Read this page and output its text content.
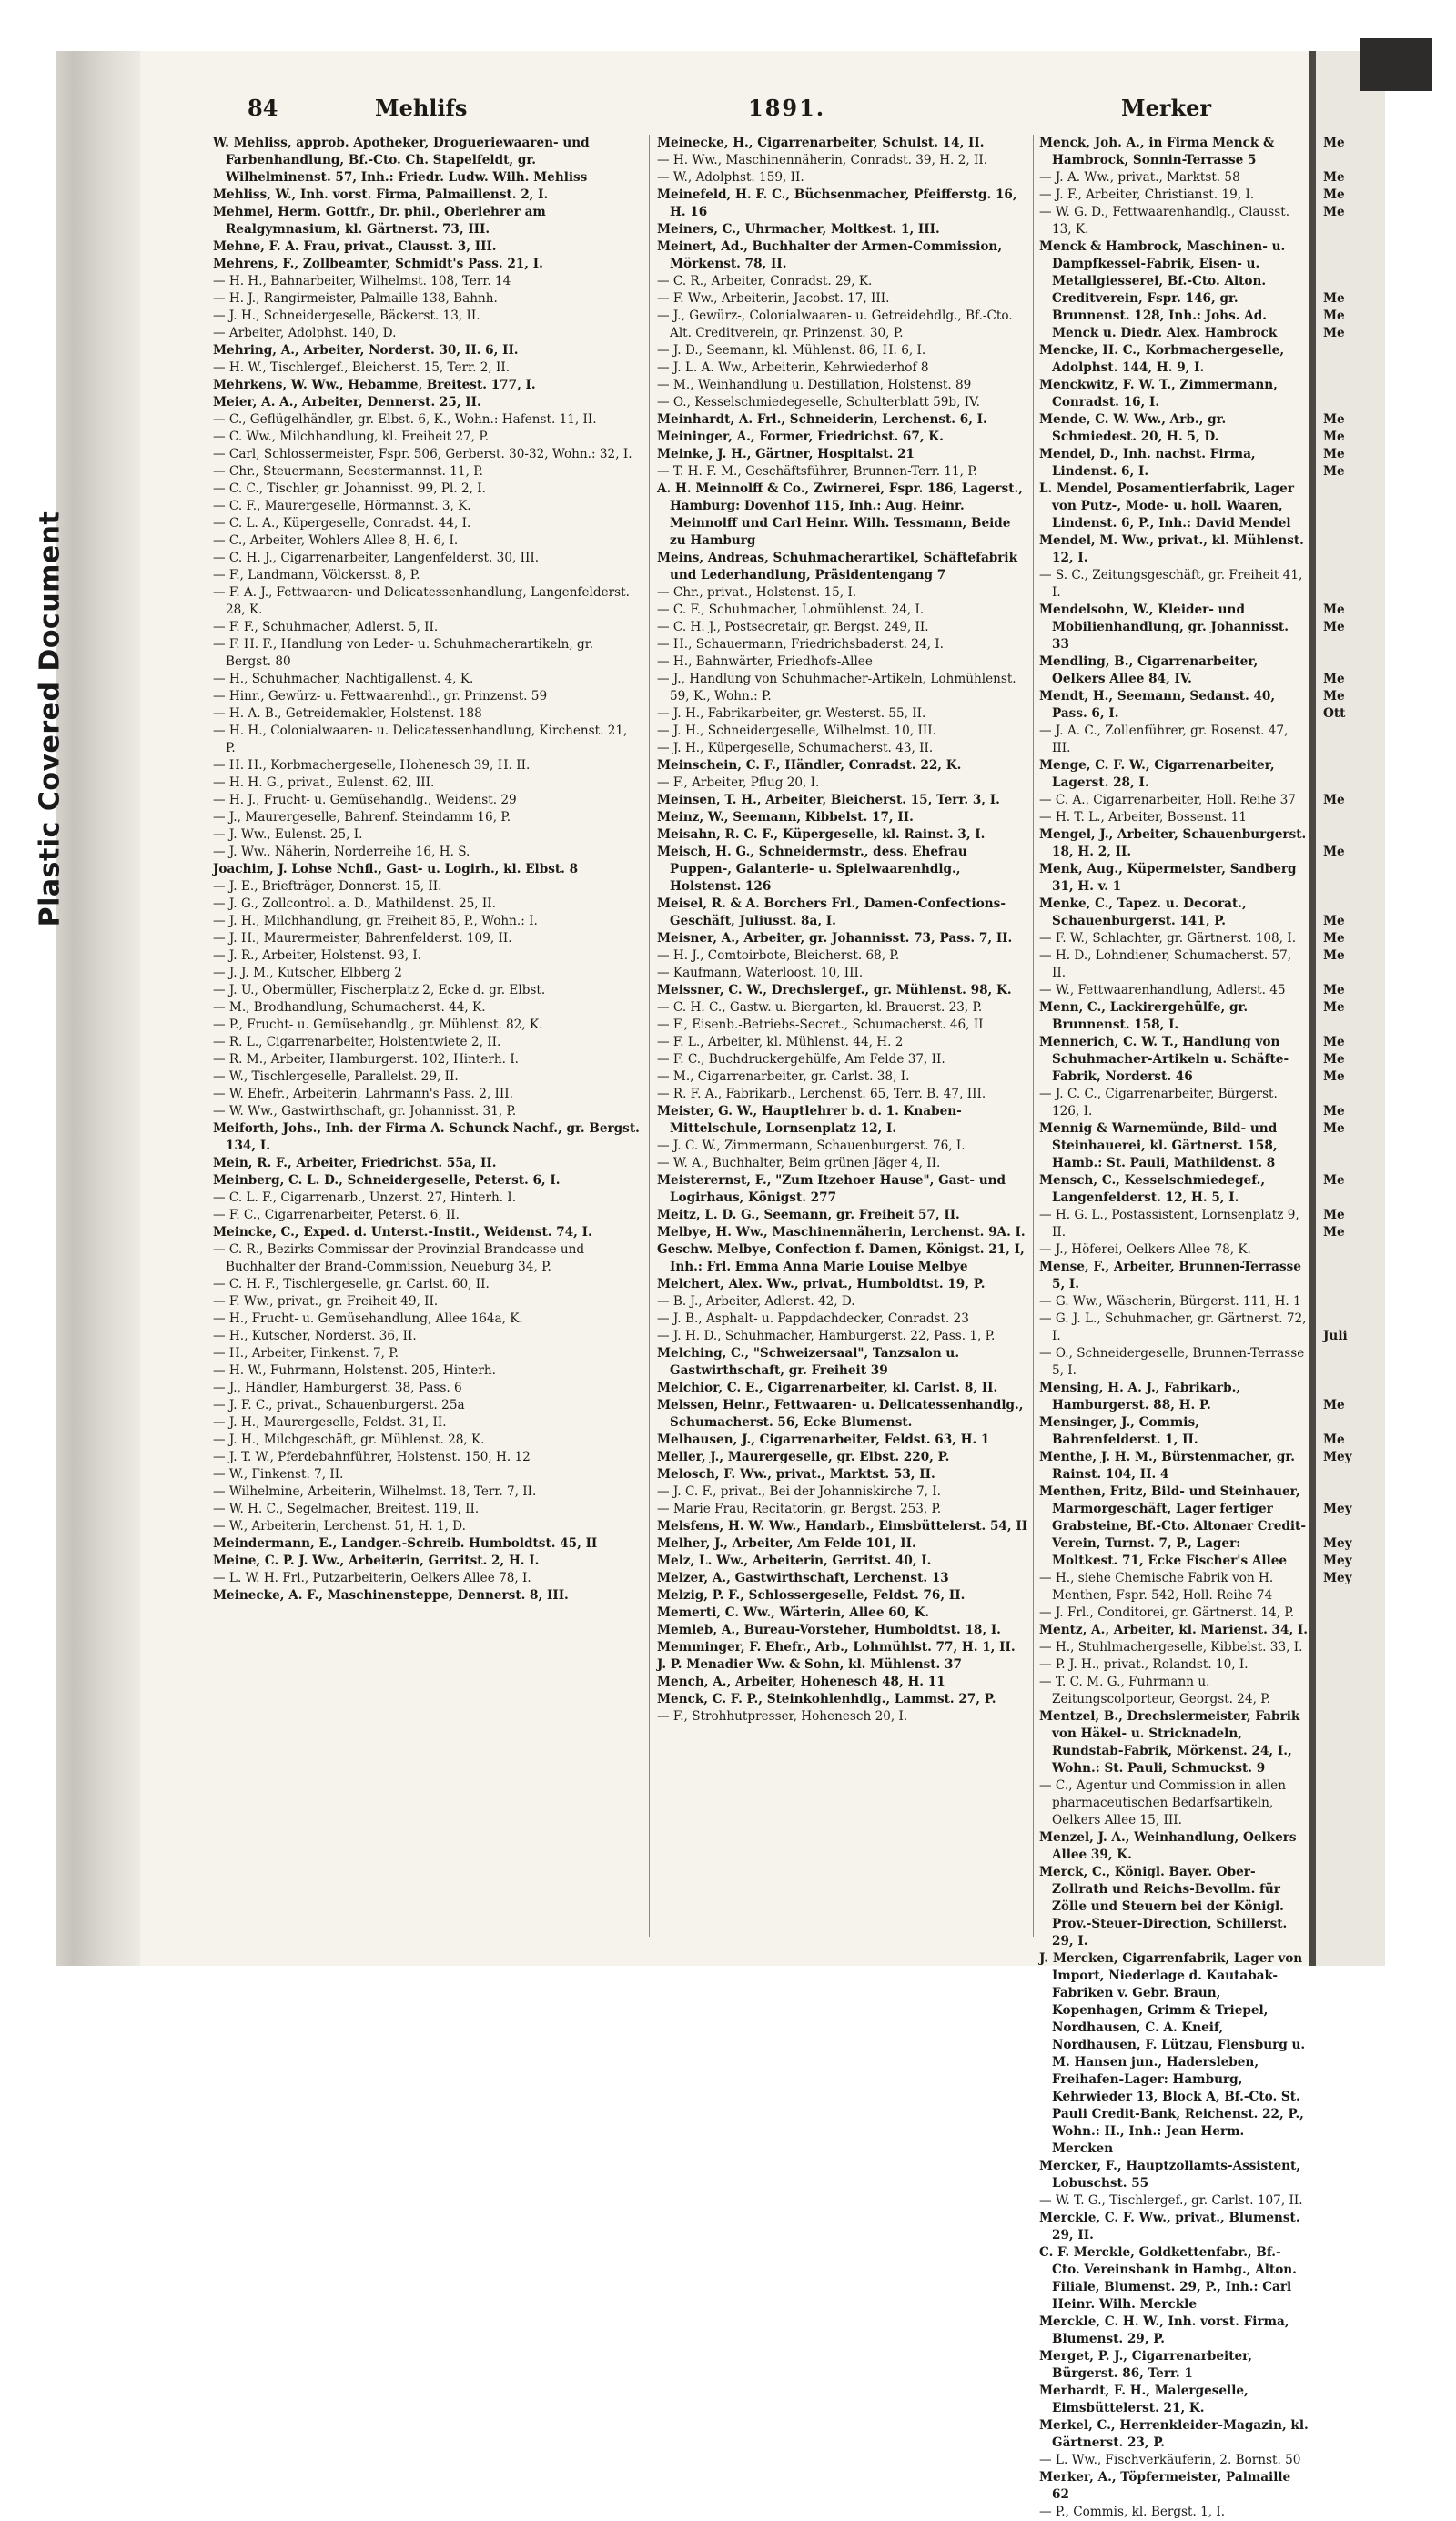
84	Mehlifs	1891.	Merker
W. Mehliss, approb. Apotheker, Drogueriewaaren- und Farbenhandlung, Bf.-Cto. Ch. Stapelfeldt, gr. Wilhelminenst. 57, Inh.: Friedr. Ludw. Wilh. Mehliss
Mehliss, W., Inh. vorst. Firma, Palmaillenst. 2, I.
Mehmel, Herm. Gottfr., Dr. phil., Oberlehrer am Realgymnasium, kl. Gärtnerst. 73, III.
Mehne, F. A. Frau, privat., Clausst. 3, III.
Mehrens, F., Zollbeamter, Schmidt's Pass. 21, I.
— H. H., Bahnarbeiter, Wilhelmst. 108, Terr. 14
— H. J., Rangirmeister, Palmaille 138, Bahnh.
— J. H., Schneidergeselle, Bäckerst. 13, II.
— Arbeiter, Adolphst. 140, D.
Mehring, A., Arbeiter, Norderst. 30, H. 6, II.
— H. W., Tischlergef., Bleicherst. 15, Terr. 2, II.
Mehrkens, W. Ww., Hebamme, Breitest. 177, I.
Meier, A. A., Arbeiter, Dennerst. 25, II.
— C., Geflügelhändler, gr. Elbst. 6, K., Wohn.: Hafenst. 11, II.
— C. Ww., Milchhandlung, kl. Freiheit 27, P.
— Carl, Schlossermeister, Fspr. 506, Gerberst. 30-32, Wohn.: 32, I.
— Chr., Steuermann, Seestermannst. 11, P.
— C. C., Tischler, gr. Johannisst. 99, Pl. 2, I.
— C. F., Maurergeselle, Hörmannst. 3, K.
— C. L. A., Küpergeselle, Conradst. 44, I.
— C., Arbeiter, Wohlers Allee 8, H. 6, I.
— C. H. J., Cigarrenarbeiter, Langenfelderst. 30, III.
— F., Landmann, Völckersst. 8, P.
— F. A. J., Fettwaaren- und Delicatessenhandlung, Langenfelderst. 28, K.
— F. F., Schuhmacher, Adlerst. 5, II.
— F. H. F., Handlung von Leder- u. Schuhmacherartikeln, gr. Bergst. 80
— H., Schuhmacher, Nachtigallenst. 4, K.
— Hinr., Gewürz- u. Fettwaarenhdl., gr. Prinzenst. 59
— H. A. B., Getreidemakler, Holstenst. 188
— H. H., Colonialwaaren- u. Delicatessenhandlung, Kirchenst. 21, P.
— H. H., Korbmachergeselle, Hohenesch 39, H. II.
— H. H. G., privat., Eulenst. 62, III.
— H. J., Frucht- u. Gemüsehandlg., Weidenst. 29
— J., Maurergeselle, Bahrenf. Steindamm 16, P.
— J. Ww., Eulenst. 25, I.
— J. Ww., Näherin, Norderreihe 16, H. S.
Joachim, J. Lohse Nchfl., Gast- u. Logirh., kl. Elbst. 8
— J. E., Briefträger, Donnerst. 15, II.
— J. G., Zollcontrol. a. D., Mathildenst. 25, II.
— J. H., Milchhandlung, gr. Freiheit 85, P., Wohn.: I.
— J. H., Maurermeister, Bahrenfelderst. 109, II.
— J. R., Arbeiter, Holstenst. 93, I.
— J. J. M., Kutscher, Elbberg 2
— J. U., Obermüller, Fischerplatz 2, Ecke d. gr. Elbst.
— M., Brodhandlung, Schumacherst. 44, K.
— P., Frucht- u. Gemüsehandlg., gr. Mühlenst. 82, K.
— R. L., Cigarrenarbeiter, Holstentwiete 2, II.
— R. M., Arbeiter, Hamburgerst. 102, Hinterh. I.
— W., Tischlergeselle, Parallelst. 29, II.
— W. Ehefr., Arbeiterin, Lahrmann's Pass. 2, III.
— W. Ww., Gastwirthschaft, gr. Johannisst. 31, P.
Meiforth, Johs., Inh. der Firma A. Schunck Nachf., gr. Bergst. 134, I.
Mein, R. F., Arbeiter, Friedrichst. 55a, II.
Meinberg, C. L. D., Schneidergeselle, Peterst. 6, I.
— C. L. F., Cigarrenarb., Unzerst. 27, Hinterh. I.
— F. C., Cigarrenarbeiter, Peterst. 6, II.
Meincke, C., Exped. d. Unterst.-Instit., Weidenst. 74, I.
— C. R., Bezirks-Commissar der Provinzial-Brandcasse und Buchhalter der Brand-Commission, Neueburg 34, P.
— C. H. F., Tischlergeselle, gr. Carlst. 60, II.
— F. Ww., privat., gr. Freiheit 49, II.
— H., Frucht- u. Gemüsehandlung, Allee 164a, K.
— H., Kutscher, Norderst. 36, II.
— H., Arbeiter, Finkenst. 7, P.
— H. W., Fuhrmann, Holstenst. 205, Hinterh.
— J., Händler, Hamburgerst. 38, Pass. 6
— J. F. C., privat., Schauenburgerst. 25a
— J. H., Maurergeselle, Feldst. 31, II.
— J. H., Milchgeschäft, gr. Mühlenst. 28, K.
— J. T. W., Pferdebahnführer, Holstenst. 150, H. 12
— W., Finkenst. 7, II.
— Wilhelmine, Arbeiterin, Wilhelmst. 18, Terr. 7, II.
— W. H. C., Segelmacher, Breitest. 119, II.
— W., Arbeiterin, Lerchenst. 51, H. 1, D.
Meindermann, E., Landger.-Schreib. Humboldtst. 45, II
Meine, C. P. J. Ww., Arbeiterin, Gerritst. 2, H. I.
— L. W. H. Frl., Putzarbeiterin, Oelkers Allee 78, I.
Meinecke, A. F., Maschinensteppe, Dennerst. 8, III.
Meinecke, H., Cigarrenarbeiter, Schulst. 14, II.
— H. Ww., Maschinennäherin, Conradst. 39, H. 2, II.
— W., Adolphst. 159, II.
Meinefeld, H. F. C., Büchsenmacher, Pfeifferstg. 16, H. 16
Meiners, C., Uhrmacher, Moltkest. 1, III.
Meinert, Ad., Buchhalter der Armen-Commission, Mörkenst. 78, II.
— C. R., Arbeiter, Conradst. 29, K.
— F. Ww., Arbeiterin, Jacobst. 17, III.
— J., Gewürz-, Colonialwaaren- u. Getreidehdlg., Bf.-Cto. Alt. Creditverein, gr. Prinzenst. 30, P.
— J. D., Seemann, kl. Mühlenst. 86, H. 6, I.
— J. L. A. Ww., Arbeiterin, Kehrwiederhof 8
— M., Weinhandlung u. Destillation, Holstenst. 89
— O., Kesselschmiedegeselle, Schulterblatt 59b, IV.
Meinhardt, A. Frl., Schneiderin, Lerchenst. 6, I.
Meininger, A., Former, Friedrichst. 67, K.
Meinke, J. H., Gärtner, Hospitalst. 21
— T. H. F. M., Geschäftsführer, Brunnen-Terr. 11, P.
A. H. Meinnolff & Co., Zwirnerei, Fspr. 186, Lagerst., Hamburg: Dovenhof 115, Inh.: Aug. Heinr. Meinnolff und Carl Heinr. Wilh. Tessmann, Beide zu Hamburg
Meins, Andreas, Schuhmacherartikel, Schäftefabrik und Lederhandlung, Präsidentengang 7
— Chr., privat., Holstenst. 15, I.
— C. F., Schuhmacher, Lohmühlenst. 24, I.
— C. H. J., Postsecretair, gr. Bergst. 249, II.
— H., Schauermann, Friedrichsbaderst. 24, I.
— H., Bahnwärter, Friedhofs-Allee
— J., Handlung von Schuhmacher-Artikeln, Lohmühlenst. 59, K., Wohn.: P.
— J. H., Fabrikarbeiter, gr. Westerst. 55, II.
— J. H., Schneidergeselle, Wilhelmst. 10, III.
— J. H., Küpergeselle, Schumacherst. 43, II.
Meinschein, C. F., Händler, Conradst. 22, K.
— F., Arbeiter, Pflug 20, I.
Meinsen, T. H., Arbeiter, Bleicherst. 15, Terr. 3, I.
Meinz, W., Seemann, Kibbelst. 17, II.
Meisahn, R. C. F., Küpergeselle, kl. Rainst. 3, I.
Meisch, H. G., Schneidermstr., dess. Ehefrau Puppen-, Galanterie- u. Spielwaarenhdlg., Holstenst. 126
Meisel, R. & A. Borchers Frl., Damen-Confections-Geschäft, Juliusst. 8a, I.
Meisner, A., Arbeiter, gr. Johannisst. 73, Pass. 7, II.
— H. J., Comtoirbote, Bleicherst. 68, P.
— Kaufmann, Waterloost. 10, III.
Meissner, C. W., Drechslergef., gr. Mühlenst. 98, K.
— C. H. C., Gastw. u. Biergarten, kl. Brauerst. 23, P.
— F., Eisenb.-Betriebs-Secret., Schumacherst. 46, II
— F. L., Arbeiter, kl. Mühlenst. 44, H. 2
— F. C., Buchdruckergehülfe, Am Felde 37, II.
— M., Cigarrenarbeiter, gr. Carlst. 38, I.
— R. F. A., Fabrikarb., Lerchenst. 65, Terr. B. 47, III.
Meister, G. W., Hauptlehrer b. d. 1. Knaben-Mittelschule, Lornsenplatz 12, I.
— J. C. W., Zimmermann, Schauenburgerst. 76, I.
— W. A., Buchhalter, Beim grünen Jäger 4, II.
Meisterernst, F., "Zum Itzehoer Hause", Gast- und Logirhaus, Königst. 277
Meitz, L. D. G., Seemann, gr. Freiheit 57, II.
Melbye, H. Ww., Maschinennäherin, Lerchenst. 9A. I.
Geschw. Melbye, Confection f. Damen, Königst. 21, I, Inh.: Frl. Emma Anna Marie Louise Melbye
Melchert, Alex. Ww., privat., Humboldtst. 19, P.
— B. J., Arbeiter, Adlerst. 42, D.
— J. B., Asphalt- u. Pappdachdecker, Conradst. 23
— J. H. D., Schuhmacher, Hamburgerst. 22, Pass. 1, P.
Melching, C., "Schweizersaal", Tanzsalon u. Gastwirthschaft, gr. Freiheit 39
Melchior, C. E., Cigarrenarbeiter, kl. Carlst. 8, II.
Melssen, Heinr., Fettwaaren- u. Delicatessenhandlg., Schumacherst. 56, Ecke Blumenst.
Melhausen, J., Cigarrenarbeiter, Feldst. 63, H. 1
Meller, J., Maurergeselle, gr. Elbst. 220, P.
Melosch, F. Ww., privat., Marktst. 53, II.
— J. C. F., privat., Bei der Johanniskirche 7, I.
— Marie Frau, Recitatorin, gr. Bergst. 253, P.
Melsfens, H. W. Ww., Handarb., Eimsbüttelerst. 54, II
Melher, J., Arbeiter, Am Felde 101, II.
Melz, L. Ww., Arbeiterin, Gerritst. 40, I.
Melzer, A., Gastwirthschaft, Lerchenst. 13
Melzig, P. F., Schlossergeselle, Feldst. 76, II.
Memerti, C. Ww., Wärterin, Allee 60, K.
Memleb, A., Bureau-Vorsteher, Humboldtst. 18, I.
Memminger, F. Ehefr., Arb., Lohmühlst. 77, H. 1, II.
J. P. Menadier Ww. & Sohn, kl. Mühlenst. 37
Mench, A., Arbeiter, Hohenesch 48, H. 11
Menck, C. F. P., Steinkohlenhdlg., Lammst. 27, P.
— F., Strohhutpresser, Hohenesch 20, I.
Menck, Joh. A., in Firma Menck & Hambrock, Sonnin-Terrasse 5
— J. A. Ww., privat., Marktst. 58
— J. F., Arbeiter, Christianst. 19, I.
— W. G. D., Fettwaarenhandlg., Clausst. 13, K.
Menck & Hambrock, Maschinen- u. Dampfkessel-Fabrik, Eisen- u. Metallgiesserei, Bf.-Cto. Alton. Creditverein, Fspr. 146, gr. Brunnenst. 128, Inh.: Johs. Ad. Menck u. Diedr. Alex. Hambrock
Mencke, H. C., Korbmachergeselle, Adolphst. 144, H. 9, I.
Menckwitz, F. W. T., Zimmermann, Conradst. 16, I.
Mende, C. W. Ww., Arb., gr. Schmiedest. 20, H. 5, D.
Mendel, D., Inh. nachst. Firma, Lindenst. 6, I.
L. Mendel, Posamentierfabrik, Lager von Putz-, Mode- u. holl. Waaren, Lindenst. 6, P., Inh.: David Mendel
Mendel, M. Ww., privat., kl. Mühlenst. 12, I.
— S. C., Zeitungsgeschäft, gr. Freiheit 41, I.
Mendelsohn, W., Kleider- und Mobilienhandlung, gr. Johannisst. 33
Mendling, B., Cigarrenarbeiter, Oelkers Allee 84, IV.
Mendt, H., Seemann, Sedanst. 40, Pass. 6, I.
— J. A. C., Zollenführer, gr. Rosenst. 47, III.
Menge, C. F. W., Cigarrenarbeiter, Lagerst. 28, I.
— C. A., Cigarrenarbeiter, Holl. Reihe 37
— H. T. L., Arbeiter, Bossenst. 11
Mengel, J., Arbeiter, Schauenburgerst. 18, H. 2, II.
Menk, Aug., Küpermeister, Sandberg 31, H. v. 1
Menke, C., Tapez. u. Decorat., Schauenburgerst. 141, P.
— F. W., Schlachter, gr. Gärtnerst. 108, I.
— H. D., Lohndiener, Schumacherst. 57, II.
— W., Fettwaarenhandlung, Adlerst. 45
Menn, C., Lackirergehülfe, gr. Brunnenst. 158, I.
Mennerich, C. W. T., Handlung von Schuhmacher-Artikeln u. Schäfte-Fabrik, Norderst. 46
— J. C. C., Cigarrenarbeiter, Bürgerst. 126, I.
Mennig & Warnemünde, Bild- und Steinhauerei, kl. Gärtnerst. 158, Hamb.: St. Pauli, Mathildenst. 8
Mensch, C., Kesselschmiedegef., Langenfelderst. 12, H. 5, I.
— H. G. L., Postassistent, Lornsenplatz 9, II.
— J., Höferei, Oelkers Allee 78, K.
Mense, F., Arbeiter, Brunnen-Terrasse 5, I.
— G. Ww., Wäscherin, Bürgerst. 111, H. 1
— G. J. L., Schuhmacher, gr. Gärtnerst. 72, I.
— O., Schneidergeselle, Brunnen-Terrasse 5, I.
Mensing, H. A. J., Fabrikarb., Hamburgerst. 88, H. P.
Mensinger, J., Commis, Bahrenfelderst. 1, II.
Menthe, J. H. M., Bürstenmacher, gr. Rainst. 104, H. 4
Menthen, Fritz, Bild- und Steinhauer, Marmorgeschäft, Lager fertiger Grabsteine, Bf.-Cto. Altonaer Credit-Verein, Turnst. 7, P., Lager: Moltkest. 71, Ecke Fischer's Allee
— H., siehe Chemische Fabrik von H. Menthen, Fspr. 542, Holl. Reihe 74
— J. Frl., Conditorei, gr. Gärtnerst. 14, P.
Mentz, A., Arbeiter, kl. Marienst. 34, I.
— H., Stuhlmachergeselle, Kibbelst. 33, I.
— P. J. H., privat., Rolandst. 10, I.
— T. C. M. G., Fuhrmann u. Zeitungscolporteur, Georgst. 24, P.
Mentzel, B., Drechslermeister, Fabrik von Häkel- u. Stricknadeln, Rundstab-Fabrik, Mörkenst. 24, I., Wohn.: St. Pauli, Schmuckst. 9
— C., Agentur und Commission in allen pharmaceutischen Bedarfsartikeln, Oelkers Allee 15, III.
Menzel, J. A., Weinhandlung, Oelkers Allee 39, K.
Merck, C., Königl. Bayer. Ober-Zollrath und Reichs-Bevollm. für Zölle und Steuern bei der Königl. Prov.-Steuer-Direction, Schillerst. 29, I.
J. Mercken, Cigarrenfabrik, Lager von Import, Niederlage d. Kautabak-Fabriken v. Gebr. Braun, Kopenhagen, Grimm & Triepel, Nordhausen, C. A. Kneif, Nordhausen, F. Lützau, Flensburg u. M. Hansen jun., Hadersleben, Freihafen-Lager: Hamburg, Kehrwieder 13, Block A, Bf.-Cto. St. Pauli Credit-Bank, Reichenst. 22, P., Wohn.: II., Inh.: Jean Herm. Mercken
Mercker, F., Hauptzollamts-Assistent, Lobuschst. 55
— W. T. G., Tischlergef., gr. Carlst. 107, II.
Merckle, C. F. Ww., privat., Blumenst. 29, II.
C. F. Merckle, Goldkettenfabr., Bf.-Cto. Vereinsbank in Hambg., Alton. Filiale, Blumenst. 29, P., Inh.: Carl Heinr. Wilh. Merckle
Merckle, C. H. W., Inh. vorst. Firma, Blumenst. 29, P.
Merget, P. J., Cigarrenarbeiter, Bürgerst. 86, Terr. 1
Merhardt, F. H., Malergeselle, Eimsbüttelerst. 21, K.
Merkel, C., Herrenkleider-Magazin, kl. Gärtnerst. 23, P.
— L. Ww., Fischverkäuferin, 2. Bornst. 50
Merker, A., Töpfermeister, Palmaille 62
— P., Commis, kl. Bergst. 1, I.
Me
Me
Me
Me
Me
Me
Me
Me
Me
Me
Me
Me
Me
Me
Me
Ott
Me
Me
Me
Me
Me
Me
Me
Me
Me
Me
Me
Me
Me
Me
Me
Juli
Me
Me
Mey
Mey
Mey
Mey
Mey
Plastic Covered Document
